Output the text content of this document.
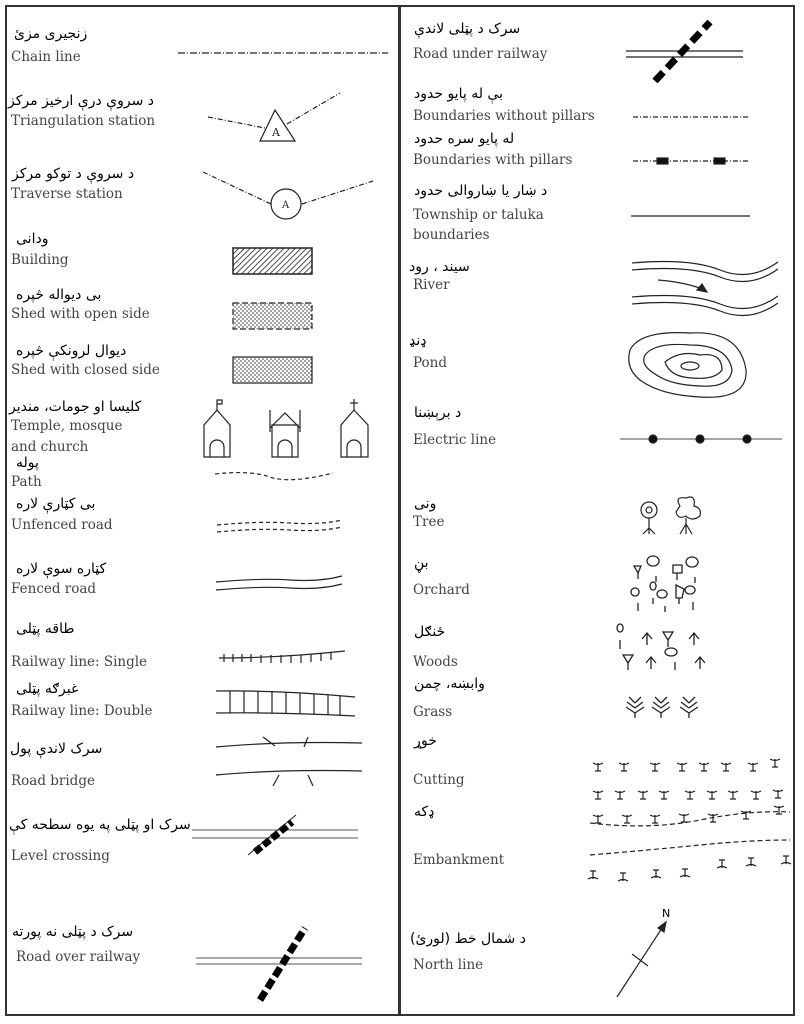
زنجيری مزئ
Chain line
د سروې درې ارخيز مرکز
Triangulation station
د سروې د توکو مرکز
Traverse station
ودانی
Building
بی دیواله څپره
Shed with open side
دیوال لرونکې څپره
Shed with closed side
کلیسا او جومات، مندیر
Temple, mosque
and church
پوله
Path
بی کټارې لاره
Unfenced road
کټاره سوې لاره
Fenced road
طاقه پټلی
Railway line: Single
غبرګه پټلی
Railway line: Double
سرک لاندې پول
Road bridge
سرک او پټلی په یوه سطحه کې
Level crossing
سرک د پټلی نه پورته
Road over railway
سرک د پټلی لاندې
Road under railway
بې له پایو حدود
Boundaries without pillars
له پایو سره حدود
Boundaries with pillars
د ښار یا ښاروالی حدود
Township or taluka
boundaries
سیند ، رود
River
ډنډ
Pond
د برېښنا
Electric line
ونی
Tree
بڼ
Orchard
ځنګل
Woods
وابښه، چمن
Grass
خوړ
Cutting
ډکه
Embankment
د شمال خط (لورئ)
North line
A
A
N
